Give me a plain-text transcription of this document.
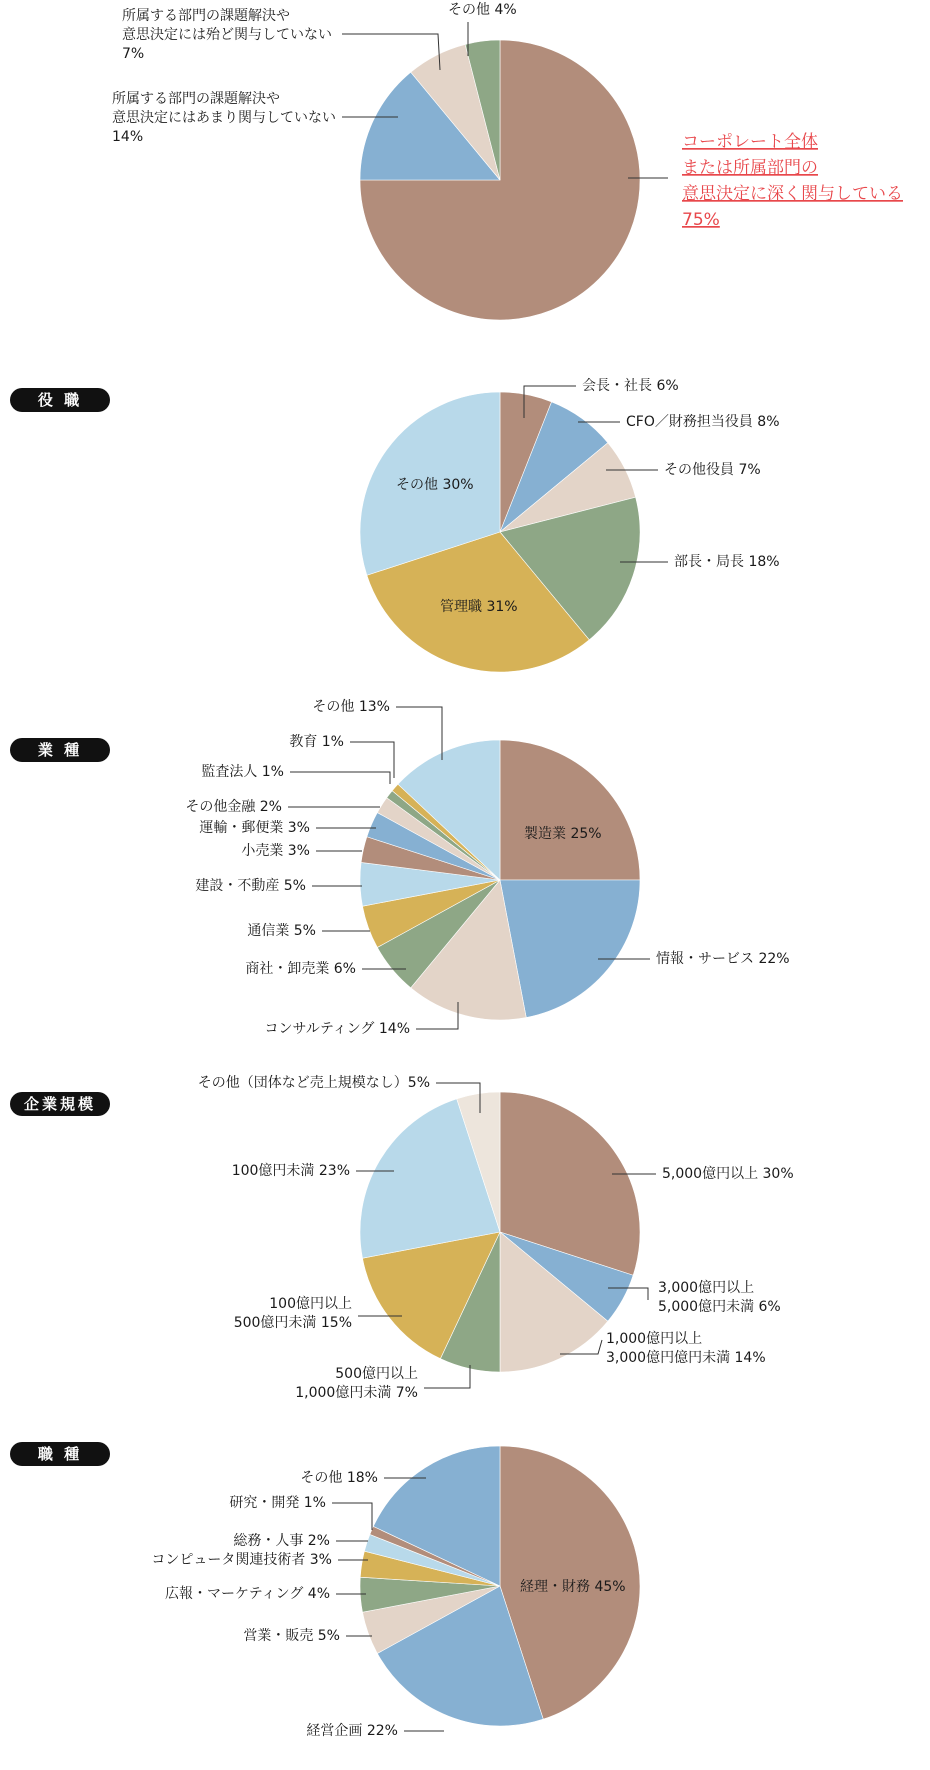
役 職
業 種
企業規模
職 種
コーポレート全体
または所属部門の
意思決定に深く関与している
75%
所属する部門の課題解決や
意思決定にはあまり関与していない
14%
所属する部門の課題解決や
意思決定には殆ど関与していない
7%
その他 4%
会長・社長 6%
CFO／財務担当役員 8%
その他役員 7%
部長・局長 18%
管理職 31%
その他 30%
製造業 25%
情報・サービス 22%
コンサルティング 14%
商社・卸売業 6%
通信業 5%
建設・不動産 5%
小売業 3%
運輸・郵便業 3%
その他金融 2%
監査法人 1%
教育 1%
その他 13%
5,000億円以上 30%
3,000億円以上
5,000億円未満 6%
1,000億円以上
3,000億円億円未満 14%
500億円以上
1,000億円未満 7%
100億円以上
500億円未満 15%
100億円未満 23%
その他（団体など売上規模なし）5%
経理・財務 45%
経営企画 22%
営業・販売 5%
広報・マーケティング 4%
コンピュータ関連技術者 3%
総務・人事 2%
研究・開発 1%
その他 18%
